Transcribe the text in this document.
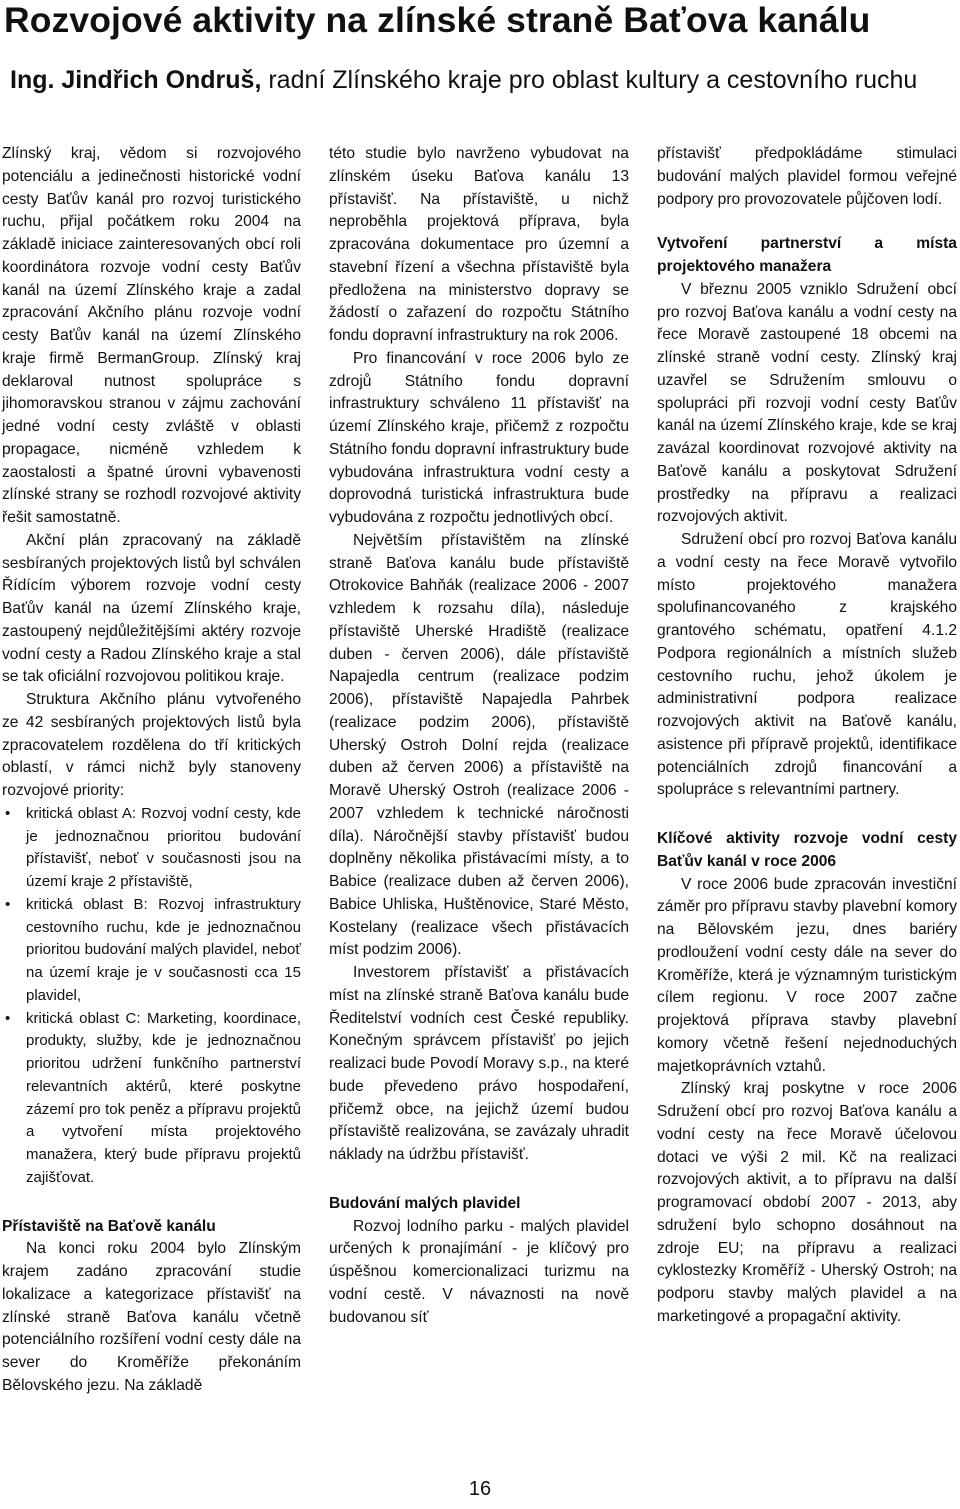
Rozvojové aktivity na zlínské straně Baťova kanálu

Ing. Jindřich Ondruš, radní Zlínského kraje pro oblast kultury a cestovního ruchu

Zlínský kraj, vědom si rozvojového potenciálu a jedinečnosti historické vodní cesty Baťův kanál pro rozvoj turistického ruchu, přijal počátkem roku 2004 na základě iniciace zainteresovaných obcí roli koordinátora rozvoje vodní cesty Baťův kanál na území Zlínského kraje a zadal zpracování Akčního plánu rozvoje vodní cesty Baťův kanál na území Zlínského kraje firmě BermanGroup. Zlínský kraj deklaroval nutnost spolupráce s jihomoravskou stranou v zájmu zachování jedné vodní cesty zvláště v oblasti propagace, nicméně vzhledem k zaostalosti a špatné úrovni vybavenosti zlínské strany se rozhodl rozvojové aktivity řešit samostatně.

Akční plán zpracovaný na základě sesbíraných projektových listů byl schválen Řídícím výborem rozvoje vodní cesty Baťův kanál na území Zlínského kraje, zastoupený nejdůležitějšími aktéry rozvoje vodní cesty a Radou Zlínského kraje a stal se tak oficiální rozvojovou politikou kraje.

Struktura Akčního plánu vytvořeného ze 42 sesbíraných projektových listů byla zpracovatelem rozdělena do tří kritických oblastí, v rámci nichž byly stanoveny rozvojové priority:

• kritická oblast A: Rozvoj vodní cesty, kde je jednoznačnou prioritou budování přístavišť, neboť v současnosti jsou na území kraje 2 přístaviště,
• kritická oblast B: Rozvoj infrastruktury cestovního ruchu, kde je jednoznačnou prioritou budování malých plavidel, neboť na území kraje je v současnosti cca 15 plavidel,
• kritická oblast C: Marketing, koordinace, produkty, služby, kde je jednoznačnou prioritou udržení funkčního partnerství relevantních aktérů, které poskytne zázemí pro tok peněz a přípravu projektů a vytvoření místa projektového manažera, který bude přípravu projektů zajišťovat.
Přístaviště na Baťově kanálu

Na konci roku 2004 bylo Zlínským krajem zadáno zpracování studie lokalizace a kategorizace přístavišť na zlínské straně Baťova kanálu včetně potenciálního rozšíření vodní cesty dále na sever do Kroměříže překonáním Bělovského jezu. Na základě

této studie bylo navrženo vybudovat na zlínském úseku Baťova kanálu 13 přístavišť. Na přístaviště, u nichž neproběhla projektová příprava, byla zpracována dokumentace pro územní a stavební řízení a všechna přístaviště byla předložena na ministerstvo dopravy se žádostí o zařazení do rozpočtu Státního fondu dopravní infrastruktury na rok 2006.

Pro financování v roce 2006 bylo ze zdrojů Státního fondu dopravní infrastruktury schváleno 11 přístavišť na území Zlínského kraje, přičemž z rozpočtu Státního fondu dopravní infrastruktury bude vybudována infrastruktura vodní cesty a doprovodná turistická infrastruktura bude vybudována z rozpočtu jednotlivých obcí.

Největším přístavištěm na zlínské straně Baťova kanálu bude přístaviště Otrokovice Bahňák (realizace 2006 - 2007 vzhledem k rozsahu díla), následuje přístaviště Uherské Hradiště (realizace duben - červen 2006), dále přístaviště Napajedla centrum (realizace podzim 2006), přístaviště Napajedla Pahrbek (realizace podzim 2006), přístaviště Uherský Ostroh Dolní rejda (realizace duben až červen 2006) a přístaviště na Moravě Uherský Ostroh (realizace 2006 - 2007 vzhledem k technické náročnosti díla). Náročnější stavby přístavišť budou doplněny několika přistávacími místy, a to Babice (realizace duben až červen 2006), Babice Uhliska, Huštěnovice, Staré Město, Kostelany (realizace všech přistávacích míst podzim 2006).

Investorem přístavišť a přistávacích míst na zlínské straně Baťova kanálu bude Ředitelství vodních cest České republiky. Konečným správcem přístavišť po jejich realizaci bude Povodí Moravy s.p., na které bude převedeno právo hospodaření, přičemž obce, na jejichž území budou přístaviště realizována, se zavázaly uhradit náklady na údržbu přístavišť.

Budování malých plavidel

Rozvoj lodního parku - malých plavidel určených k pronajímání - je klíčový pro úspěšnou komercionalizaci turizmu na vodní cestě. V návaznosti na nově budovanou síť

přístavišť předpokládáme stimulaci budování malých plavidel formou veřejné podpory pro provozovatele půjčoven lodí.

Vytvoření partnerství a místa projektového manažera

V březnu 2005 vzniklo Sdružení obcí pro rozvoj Baťova kanálu a vodní cesty na řece Moravě zastoupené 18 obcemi na zlínské straně vodní cesty. Zlínský kraj uzavřel se Sdružením smlouvu o spolupráci při rozvoji vodní cesty Baťův kanál na území Zlínského kraje, kde se kraj zavázal koordinovat rozvojové aktivity na Baťově kanálu a poskytovat Sdružení prostředky na přípravu a realizaci rozvojových aktivit.

Sdružení obcí pro rozvoj Baťova kanálu a vodní cesty na řece Moravě vytvořilo místo projektového manažera spolufinancovaného z krajského grantového schématu, opatření 4.1.2 Podpora regionálních a místních služeb cestovního ruchu, jehož úkolem je administrativní podpora realizace rozvojových aktivit na Baťově kanálu, asistence při přípravě projektů, identifikace potenciálních zdrojů financování a spolupráce s relevantními partnery.

Klíčové aktivity rozvoje vodní cesty Baťův kanál v roce 2006

V roce 2006 bude zpracován investiční záměr pro přípravu stavby plavební komory na Bělovském jezu, dnes bariéry prodloužení vodní cesty dále na sever do Kroměříže, která je významným turistickým cílem regionu. V roce 2007 začne projektová příprava stavby plavební komory včetně řešení nejednoduchých majetkoprávních vztahů.

Zlínský kraj poskytne v roce 2006 Sdružení obcí pro rozvoj Baťova kanálu a vodní cesty na řece Moravě účelovou dotaci ve výši 2 mil. Kč na realizaci rozvojových aktivit, a to přípravu na další programovací období 2007 - 2013, aby sdružení bylo schopno dosáhnout na zdroje EU; na přípravu a realizaci cyklostezky Kroměříž - Uherský Ostroh; na podporu stavby malých plavidel a na marketingové a propagační aktivity.

16
